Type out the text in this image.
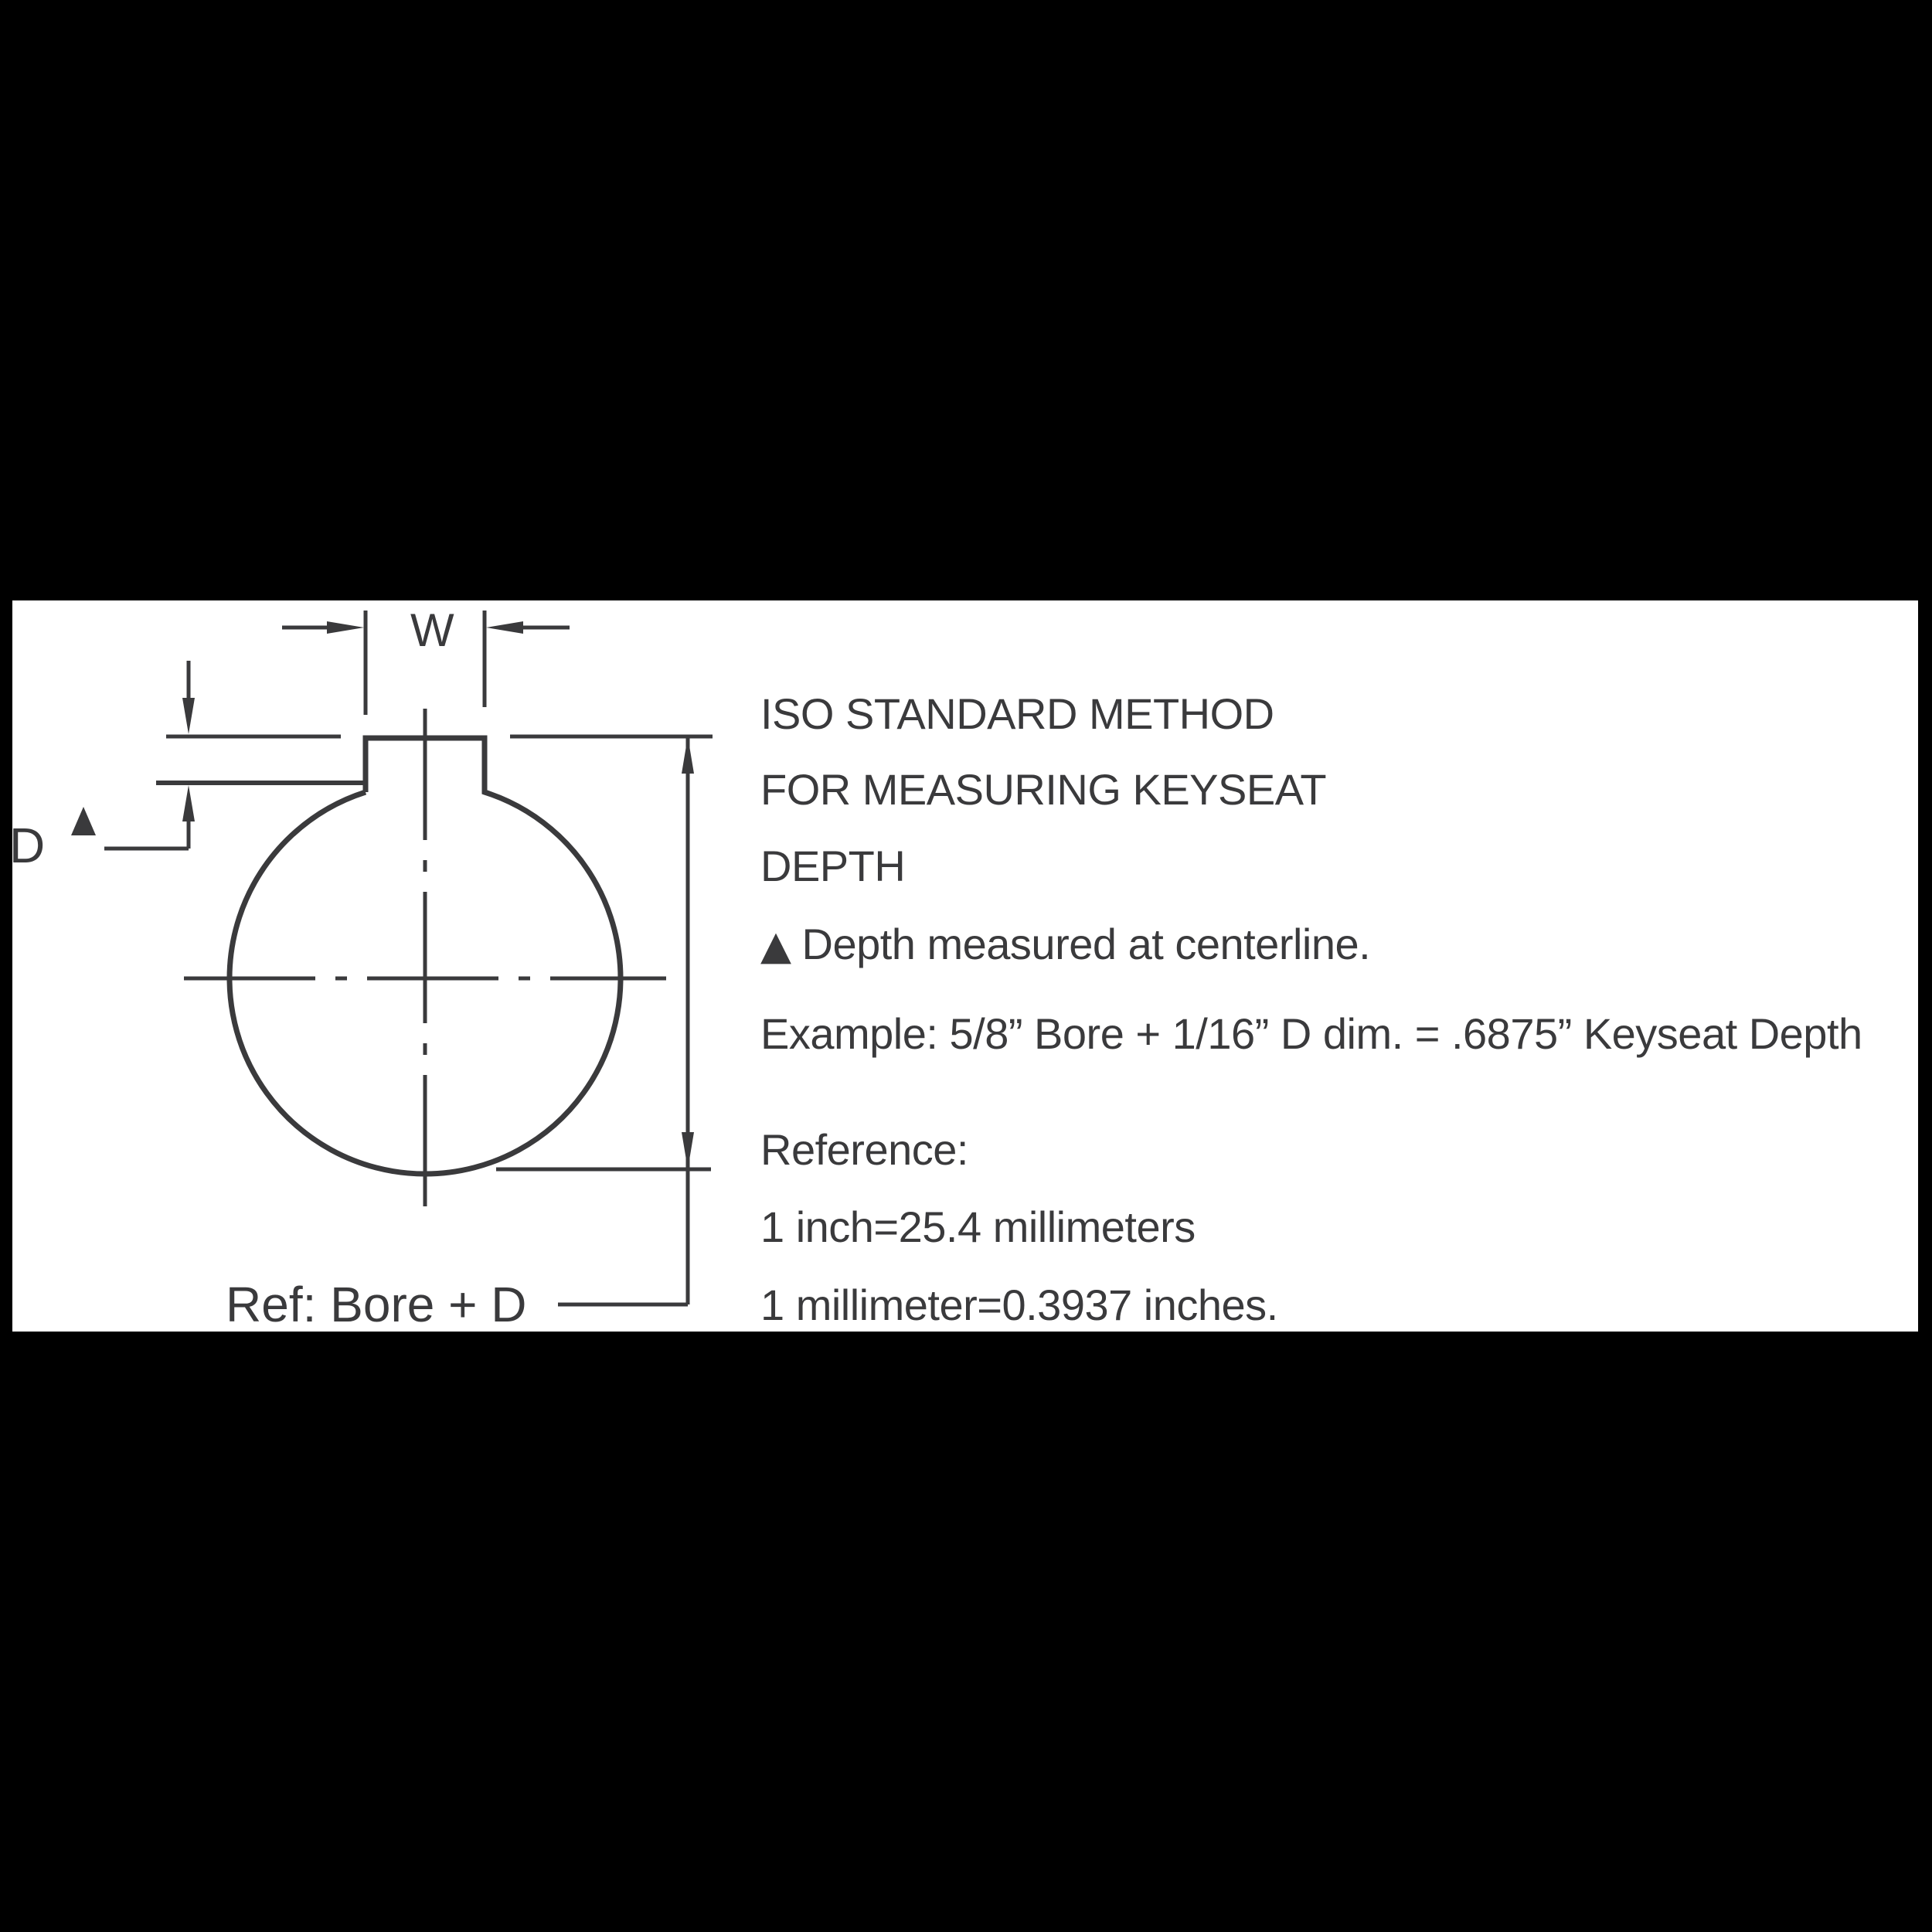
W
D
Ref: Bore + D
ISO STANDARD METHOD
FOR MEASURING KEYSEAT
DEPTH
▲ Depth measured at centerline.
Example: 5/8” Bore + 1/16” D dim. = .6875” Keyseat Depth
Reference:
1 inch=25.4 millimeters
1 millimeter=0.3937 inches.
